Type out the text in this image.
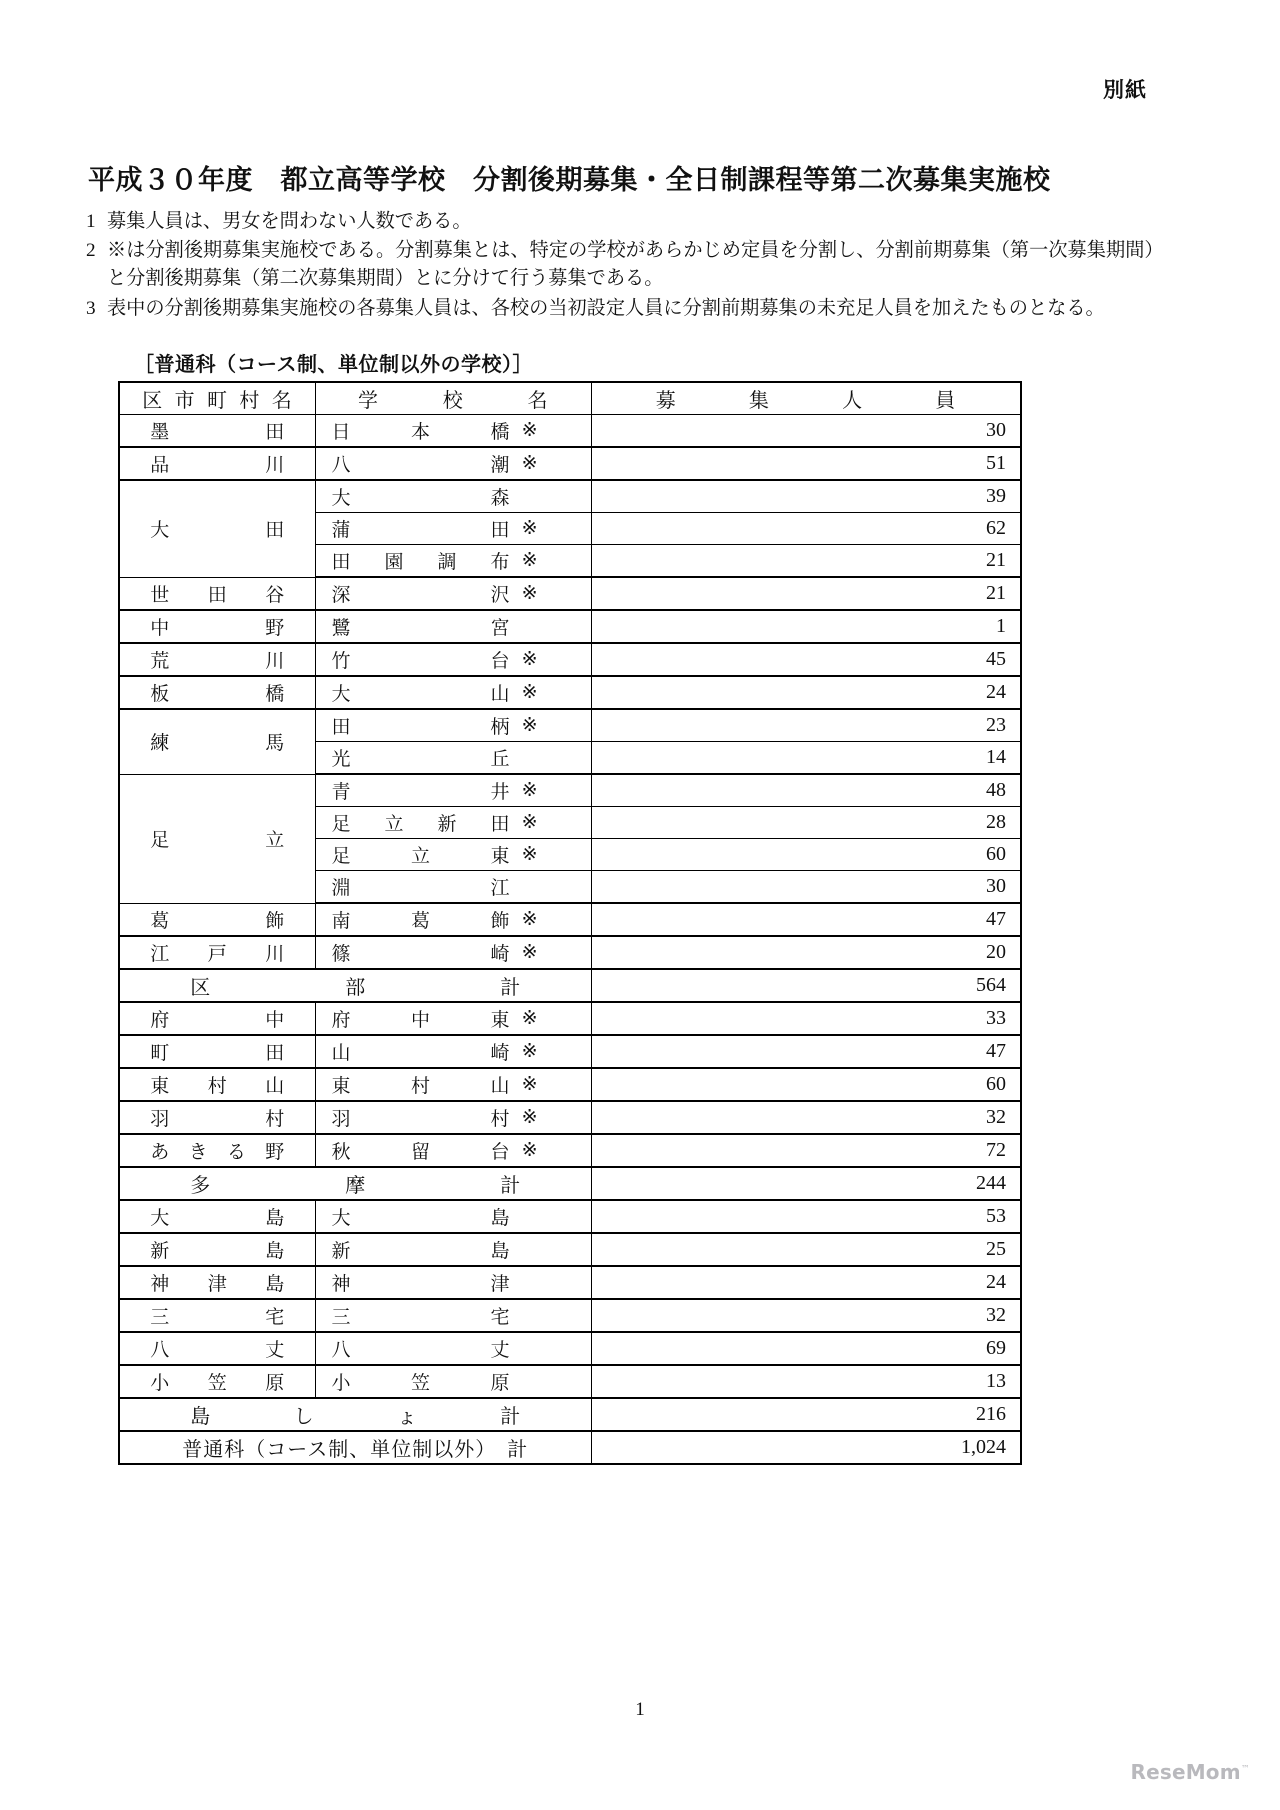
別紙
平成３０年度　都立高等学校　分割後期募集・全日制課程等第二次募集実施校
1 募集人員は、男女を問わない人数である。
2 ※は分割後期募集実施校である。分割募集とは、特定の学校があらかじめ定員を分割し、分割前期募集（第一次募集期間）と分割後期募集（第二次募集期間）とに分けて行う募集である。
3 表中の分割後期募集実施校の各募集人員は、各校の当初設定人員に分割前期募集の未充足人員を加えたものとなる。
［普通科（コース制、単位制以外の学校）］
区市町村名	学校名	募集人員

墨田	日本橋 ※	30

品川	八潮 ※	51

大田	大森	39

	蒲田 ※	62

	田園調布 ※	21

世田谷	深沢 ※	21

中野	鷺宮	1

荒川	竹台 ※	45

板橋	大山 ※	24

練馬	田柄 ※	23

	光丘	14

足立	青井 ※	48

	足立新田 ※	28

	足立東 ※	60

	淵江	30

葛飾	南葛飾 ※	47

江戸川	篠崎 ※	20

区部計		564

府中	府中東 ※	33

町田	山崎 ※	47

東村山	東村山 ※	60

羽村	羽村 ※	32

あきる野	秋留台 ※	72

多摩計		244

大島	大島	53

新島	新島	25

神津島	神津	24

三宅	三宅	32

八丈	八丈	69

小笠原	小笠原	13

島しょ計		216

普通科（コース制、単位制以外）　計		1,024
1
ReseMom™
